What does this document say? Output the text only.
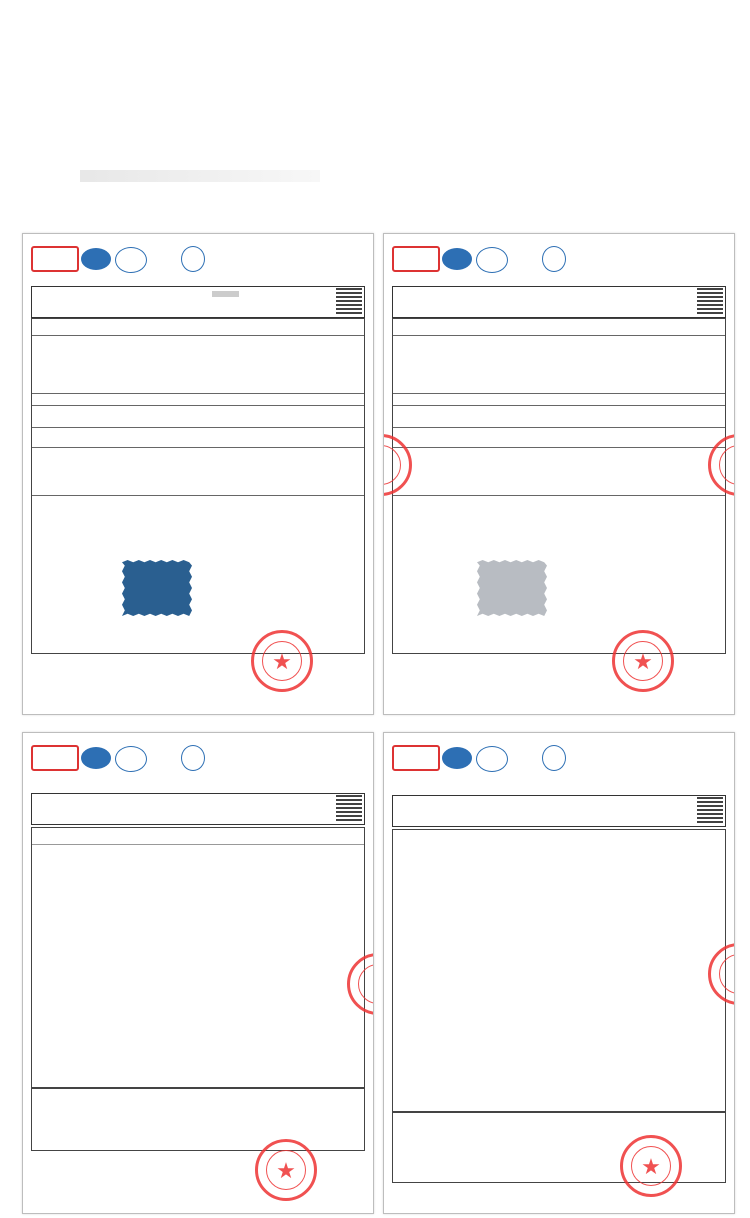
xxxxxxxxx
★	★
★	★
